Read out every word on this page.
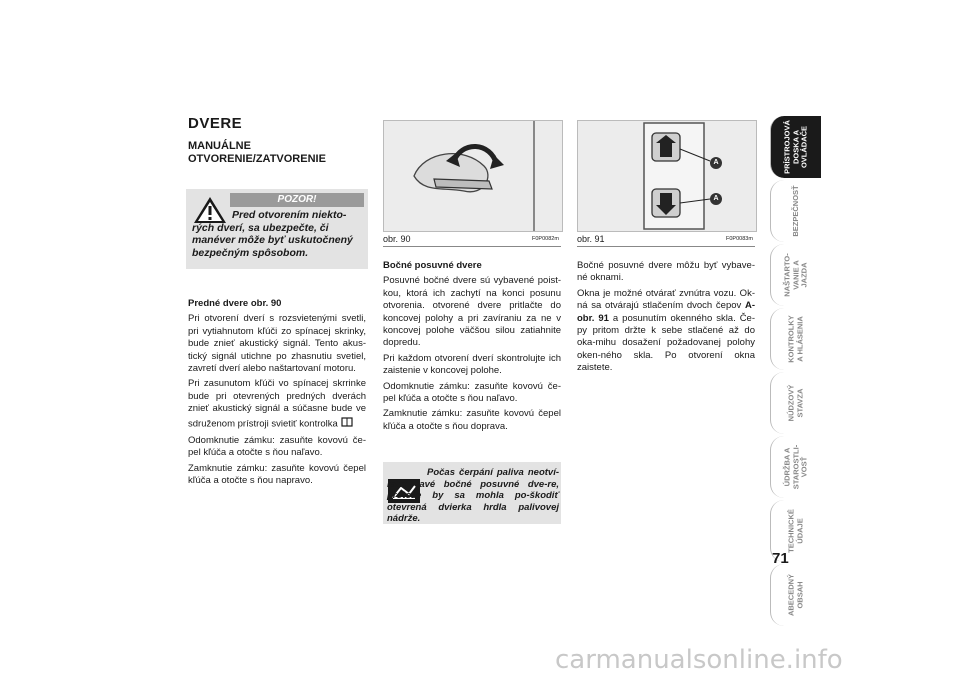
DVERE
MANUÁLNE OTVORENIE/ZATVORENIE
POZOR!
Pred otvorením niekto-rých dverí, sa ubezpečte, či manéver môže byť uskutočnený bezpečným spôsobom.

Predné dvere obr. 90

Pri otvorení dverí s rozsvietenými svetli, pri vytiahnutom kľúči zo spínacej skrinky, bude znieť akustický signál. Tento akus-tický signál utichne po zhasnutiu svetiel, zavretí dverí alebo naštartovaní motoru.

Pri zasunutom kľúči vo spínacej skrrinke bude pri otevrených predných dverách znieť akustický signál a súčasne bude ve sdruženom prístroji svietiť kontrolka

Odomknutie zámku: zasuňte kovovú če-pel kľúča a otočte s ňou naľavo.

Zamknutie zámku: zasuňte kovovú čepel kľúča a otočte s ňou napravo.

obr. 90	F0P0082m
A
A
obr. 91	F0P0083m

Bočné posuvné dvere

Posuvné bočné dvere sú vybavené poist-kou, ktorá ich zachytí na konci posunu otvorenia. otvorené dvere pritlačte do koncovej polohy a pri zavíraniu za ne v koncovej polohe väčšou silou zatiahnite dopredu.

Pri každom otvorení dverí skontrolujte ich zaistenie v koncovej polohe.

Odomknutie zámku: zasuňte kovovú če-pel kľúča a otočte s ňou naľavo.

Zamknutie zámku: zasuňte kovovú čepel kľúča a otočte s ňou doprava.

Počas čerpání paliva neotví-rajte ľavé bočné posuvné dve-re, protože by sa mohla po-škodiť otevrená dvierka hrdla palivovej nádrže.

Bočné posuvné dvere môžu byť vybave-né oknami.

Okna je možné otvárať zvnútra vozu. Ok-ná sa otvárajú stlačením dvoch čepov A-obr. 91 a posunutím okenného skla. Če-py pritom držte k sebe stlačené až do oka-mihu dosažení požadovanej polohy oken-ného skla. Po otvorení okna zaistete.

PRÍSTROJOVÁ
DOSKA A
OVLÁDAČE
BEZPEČNOSŤ
NAŠTARTO-
VANIE A
JAZDA
KONTROLKY
A HLÁSENIA
NÚDZOVÝ
STAVZA
ÚDRŽBA A
STAROSTLI-
VOSŤ
TECHNICKÉ
ÚDAJE
ABECEDNÝ
OBSAH
71
carmanualsonline.info
